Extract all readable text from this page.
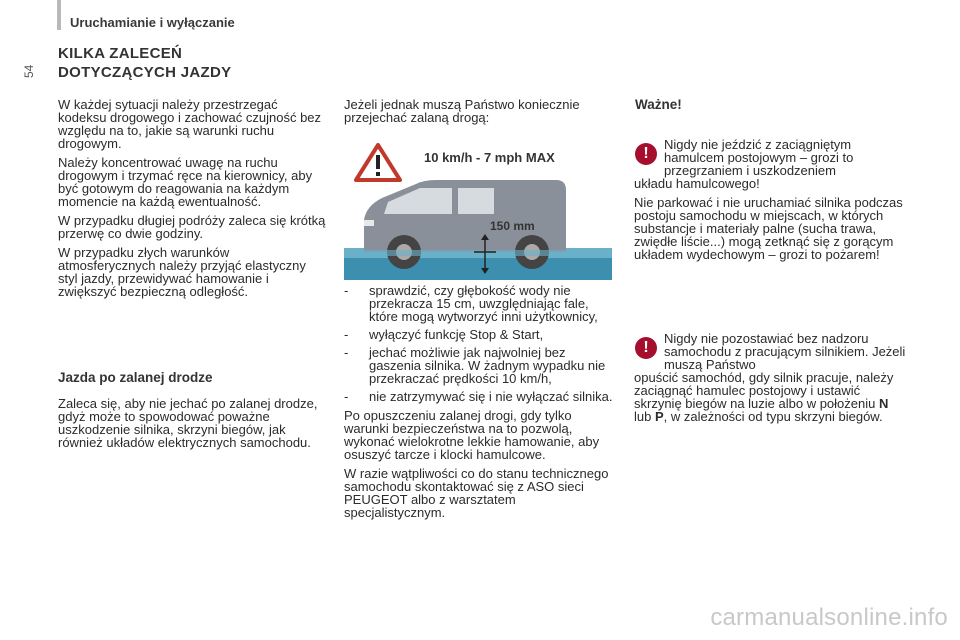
Uruchamianie i wyłączanie
54
KILKA ZALECEŃ
DOTYCZĄCYCH JAZDY

W każdej sytuacji należy przestrzegać kodeksu drogowego i zachować czujność bez względu na to, jakie są warunki ruchu drogowym.

Należy koncentrować uwagę na ruchu drogowym i trzymać ręce na kierownicy, aby być gotowym do reagowania na każdym momencie na każdą ewentualność.

W przypadku długiej podróży zaleca się krótką przerwę co dwie godziny.

W przypadku złych warunków atmosferycznych należy przyjąć elastyczny styl jazdy, przewidywać hamowanie i zwiększyć bezpieczną odległość.

Jazda po zalanej drodze

Zaleca się, aby nie jechać po zalanej drodze, gdyż może to spowodować poważne uszkodzenie silnika, skrzyni biegów, jak również układów elektrycznych samochodu.

Jeżeli jednak muszą Państwo koniecznie przejechać zalaną drogą:

10 km/h - 7 mph MAX
150 mm
- sprawdzić, czy głębokość wody nie przekracza 15 cm, uwzględniając fale, które mogą wytworzyć inni użytkownicy,
- wyłączyć funkcję Stop & Start,
- jechać możliwie jak najwolniej bez gaszenia silnika. W żadnym wypadku nie przekraczać prędkości 10 km/h,
- nie zatrzymywać się i nie wyłączać silnika.

Po opuszczeniu zalanej drogi, gdy tylko warunki bezpieczeństwa na to pozwolą, wykonać wielokrotne lekkie hamowanie, aby osuszyć tarcze i klocki hamulcowe.

W razie wątpliwości co do stanu technicznego samochodu skontaktować się z ASO sieci PEUGEOT albo z warsztatem specjalistycznym.

Ważne!
!

Nigdy nie jeździć z zaciągniętym hamulcem postojowym – grozi to przegrzaniem i uszkodzeniem
układu hamulcowego!

Nie parkować i nie uruchamiać silnika podczas postoju samochodu w miejscach, w których substancje i materiały palne (sucha trawa, zwiędłe liście...) mogą zetknąć się z gorącym układem wydechowym – grozi to pożarem!

!

Nigdy nie pozostawiać bez nadzoru samochodu z pracującym silnikiem. Jeżeli muszą Państwo
opuścić samochód, gdy silnik pracuje, należy zaciągnąć hamulec postojowy i ustawić skrzynię biegów na luzie albo w położeniu N lub P, w zależności od typu skrzyni biegów.

carmanualsonline.info
